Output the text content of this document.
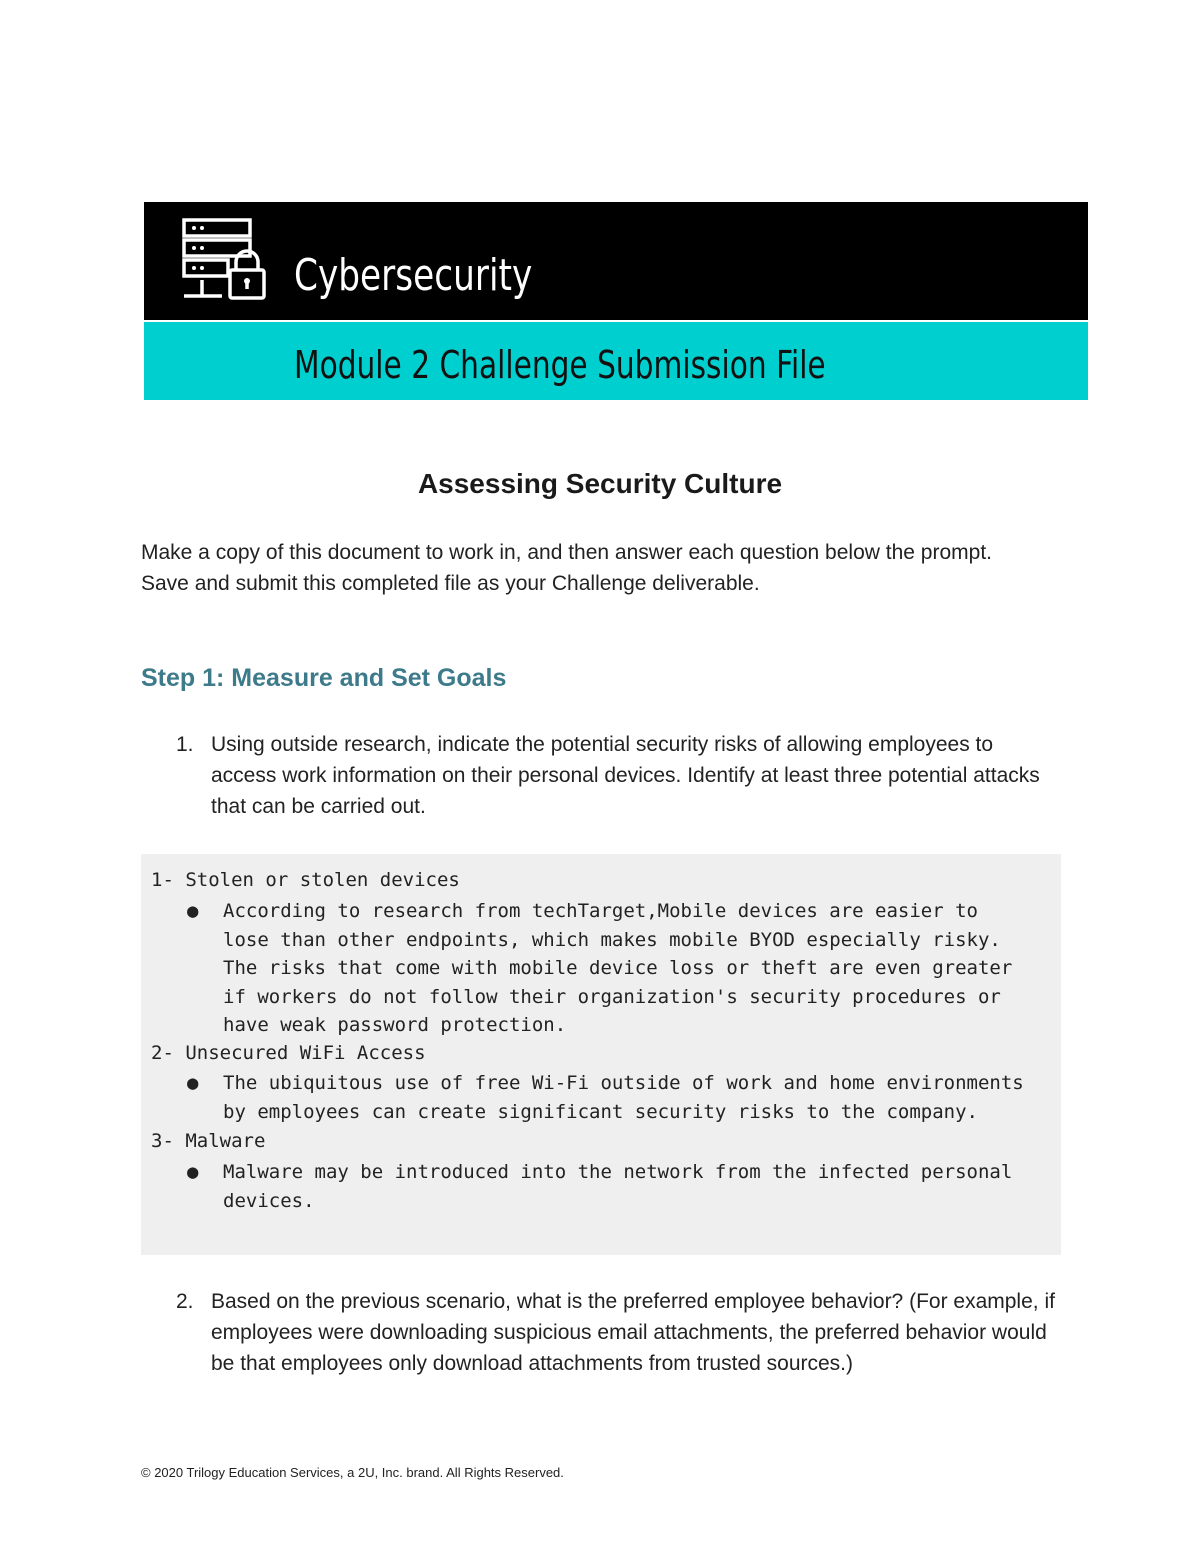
Cybersecurity
Module 2 Challenge Submission File
Assessing Security Culture
Make a copy of this document to work in, and then answer each question below the prompt. Save and submit this completed file as your Challenge deliverable.
Step 1: Measure and Set Goals
1. Using outside research, indicate the potential security risks of allowing employees to access work information on their personal devices. Identify at least three potential attacks that can be carried out.
1- Stolen or stolen devices

●

According to research from techTarget,Mobile devices are easier to
lose than other endpoints, which makes mobile BYOD especially risky.
The risks that come with mobile device loss or theft are even greater
if workers do not follow their organization's security procedures or
have weak password protection.

2- Unsecured WiFi Access

●

The ubiquitous use of free Wi-Fi outside of work and home environments
by employees can create significant security risks to the company.

3- Malware

●

Malware may be introduced into the network from the infected personal
devices.

2. Based on the previous scenario, what is the preferred employee behavior? (For example, if employees were downloading suspicious email attachments, the preferred behavior would be that employees only download attachments from trusted sources.)
© 2020 Trilogy Education Services, a 2U, Inc. brand. All Rights Reserved.
